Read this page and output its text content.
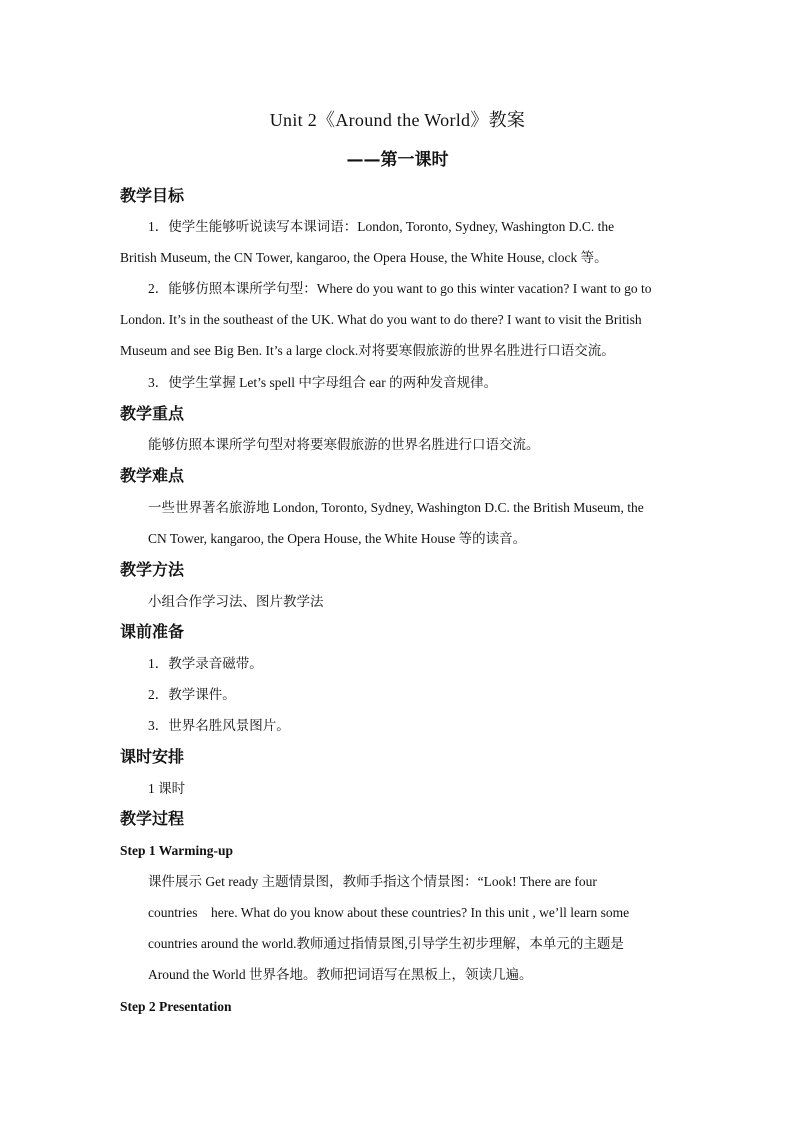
Unit 2《Around the World》教案
——第一课时
教学目标
1．使学生能够听说读写本课词语：London, Toronto, Sydney, Washington D.C. the
British Museum, the CN Tower, kangaroo, the Opera House, the White House, clock 等。
2．能够仿照本课所学句型：Where do you want to go this winter vacation? I want to go to
London. It’s in the southeast of the UK. What do you want to do there? I want to visit the British
Museum and see Big Ben. It’s a large clock.对将要寒假旅游的世界名胜进行口语交流。
3．使学生掌握 Let’s spell 中字母组合 ear 的两种发音规律。
教学重点
能够仿照本课所学句型对将要寒假旅游的世界名胜进行口语交流。
教学难点
一些世界著名旅游地 London, Toronto, Sydney, Washington D.C. the British Museum, the
CN Tower, kangaroo, the Opera House, the White House 等的读音。
教学方法
小组合作学习法、图片教学法
课前准备
1．教学录音磁带。
2．教学课件。
3．世界名胜风景图片。
课时安排
1 课时
教学过程
Step 1 Warming-up
课件展示 Get ready 主题情景图，教师手指这个情景图：“Look! There are four
countries    here. What do you know about these countries? In this unit , we’ll learn some
countries around the world.教师通过指情景图,引导学生初步理解，本单元的主题是
Around the World 世界各地。教师把词语写在黑板上，领读几遍。
Step 2 Presentation
